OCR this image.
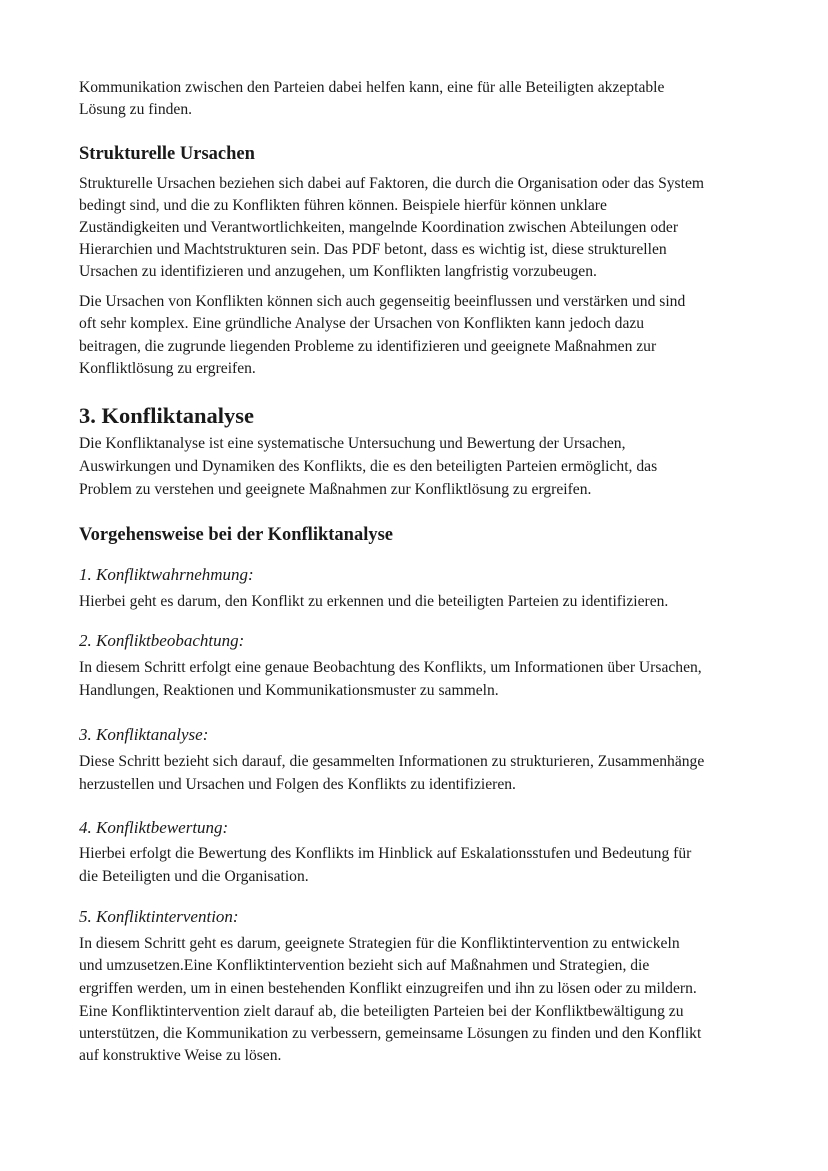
Kommunikation zwischen den Parteien dabei helfen kann, eine für alle Beteiligten akzeptable
Lösung zu finden.
Strukturelle Ursachen
Strukturelle Ursachen beziehen sich dabei auf Faktoren, die durch die Organisation oder das System
bedingt sind, und die zu Konflikten führen können. Beispiele hierfür können unklare
Zuständigkeiten und Verantwortlichkeiten, mangelnde Koordination zwischen Abteilungen oder
Hierarchien und Machtstrukturen sein. Das PDF betont, dass es wichtig ist, diese strukturellen
Ursachen zu identifizieren und anzugehen, um Konflikten langfristig vorzubeugen.
Die Ursachen von Konflikten können sich auch gegenseitig beeinflussen und verstärken und sind
oft sehr komplex. Eine gründliche Analyse der Ursachen von Konflikten kann jedoch dazu
beitragen, die zugrunde liegenden Probleme zu identifizieren und geeignete Maßnahmen zur
Konfliktlösung zu ergreifen.
3. Konfliktanalyse
Die Konfliktanalyse ist eine systematische Untersuchung und Bewertung der Ursachen,
Auswirkungen und Dynamiken des Konflikts, die es den beteiligten Parteien ermöglicht, das
Problem zu verstehen und geeignete Maßnahmen zur Konfliktlösung zu ergreifen.
Vorgehensweise bei der Konfliktanalyse
1. Konfliktwahrnehmung:
Hierbei geht es darum, den Konflikt zu erkennen und die beteiligten Parteien zu identifizieren.
2. Konfliktbeobachtung:
In diesem Schritt erfolgt eine genaue Beobachtung des Konflikts, um Informationen über Ursachen,
Handlungen, Reaktionen und Kommunikationsmuster zu sammeln.
3. Konfliktanalyse:
Diese Schritt bezieht sich darauf, die gesammelten Informationen zu strukturieren, Zusammenhänge
herzustellen und Ursachen und Folgen des Konflikts zu identifizieren.
4. Konfliktbewertung:
Hierbei erfolgt die Bewertung des Konflikts im Hinblick auf Eskalationsstufen und Bedeutung für
die Beteiligten und die Organisation.
5. Konfliktintervention:
In diesem Schritt geht es darum, geeignete Strategien für die Konfliktintervention zu entwickeln
und umzusetzen.Eine Konfliktintervention bezieht sich auf Maßnahmen und Strategien, die
ergriffen werden, um in einen bestehenden Konflikt einzugreifen und ihn zu lösen oder zu mildern.
Eine Konfliktintervention zielt darauf ab, die beteiligten Parteien bei der Konfliktbewältigung zu
unterstützen, die Kommunikation zu verbessern, gemeinsame Lösungen zu finden und den Konflikt
auf konstruktive Weise zu lösen.
